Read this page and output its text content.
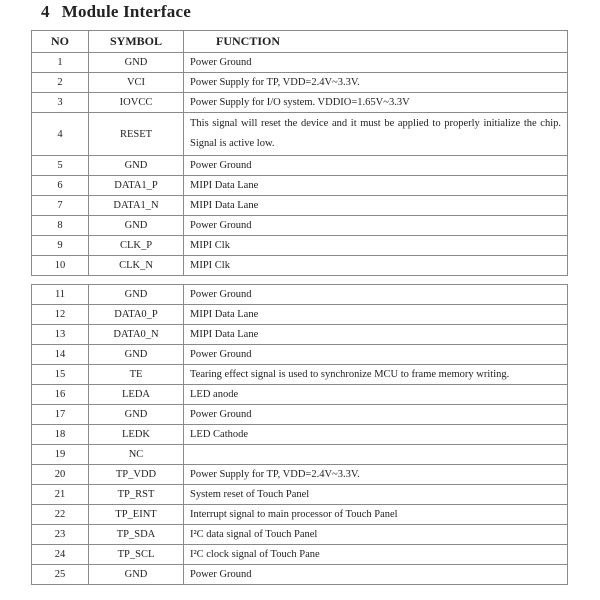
4 Module Interface
NO	SYMBOL	FUNCTION
1	GND	Power Ground
2	VCI	Power Supply for TP, VDD=2.4V~3.3V.
3	IOVCC	Power Supply for I/O system. VDDIO=1.65V~3.3V
4	RESET	This signal will reset the device and it must be applied to properly initialize the chip. Signal is active low.
5	GND	Power Ground
6	DATA1_P	MIPI Data Lane
7	DATA1_N	MIPI Data Lane
8	GND	Power Ground
9	CLK_P	MIPI Clk
10	CLK_N	MIPI Clk
11	GND	Power Ground
12	DATA0_P	MIPI Data Lane
13	DATA0_N	MIPI Data Lane
14	GND	Power Ground
15	TE	Tearing effect signal is used to synchronize MCU to frame memory writing.
16	LEDA	LED anode
17	GND	Power Ground
18	LEDK	LED Cathode
19	NC	
20	TP_VDD	Power Supply for TP, VDD=2.4V~3.3V.
21	TP_RST	System reset of Touch Panel
22	TP_EINT	Interrupt signal to main processor of Touch Panel
23	TP_SDA	I²C data signal of Touch Panel
24	TP_SCL	I²C clock signal of Touch Pane
25	GND	Power Ground
